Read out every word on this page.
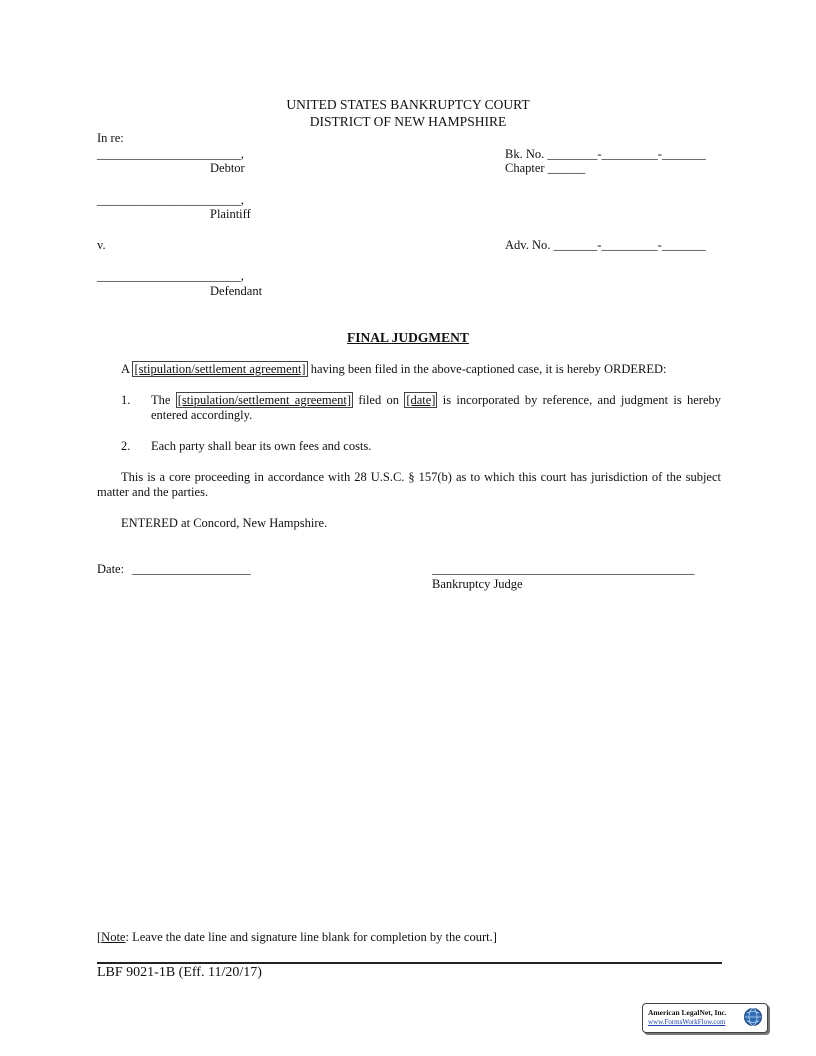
UNITED STATES BANKRUPTCY COURT
DISTRICT OF NEW HAMPSHIRE
In re:
_______________________,
Debtor
_______________________,
Plaintiff
v.
_______________________,
Defendant
Bk. No. ________-_________-_______
Chapter ______
Adv. No. _______-_________-_______
FINAL JUDGMENT
A [stipulation/settlement agreement] having been filed in the above-captioned case, it is hereby ORDERED:
1. The [stipulation/settlement agreement] filed on [date] is incorporated by reference, and judgment is hereby entered accordingly.
2. Each party shall bear its own fees and costs.
This is a core proceeding in accordance with 28 U.S.C. § 157(b) as to which this court has jurisdiction of the subject matter and the parties.
ENTERED at Concord, New Hampshire.
Date: ___________________	__________________________________________
Bankruptcy Judge
[Note: Leave the date line and signature line blank for completion by the court.]
LBF 9021-1B (Eff. 11/20/17)
American LegalNet, Inc.
www.FormsWorkFlow.com
